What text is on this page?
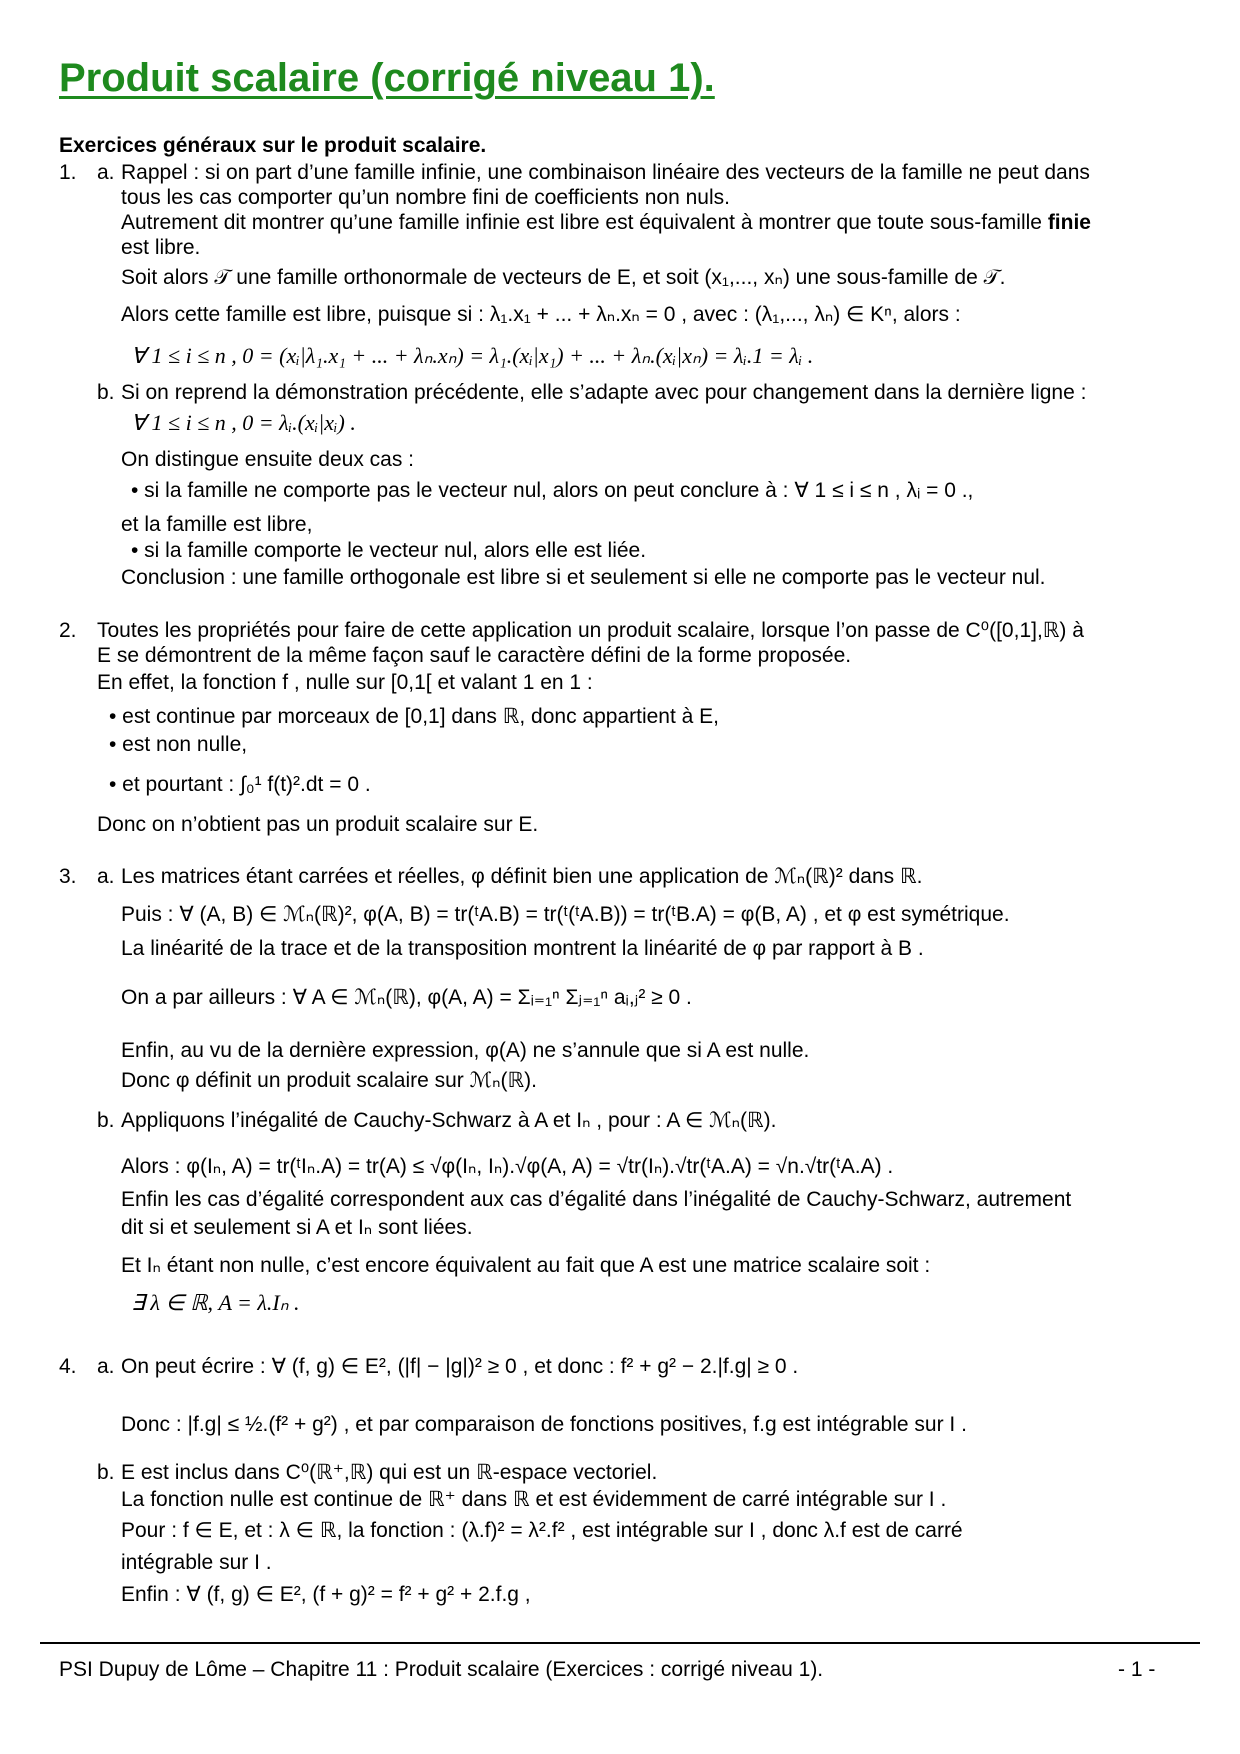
Produit scalaire (corrigé niveau 1).
Exercices généraux sur le produit scalaire.
1. a. Rappel : si on part d’une famille infinie, une combinaison linéaire des vecteurs de la famille ne peut dans
tous les cas comporter qu’un nombre fini de coefficients non nuls.
Autrement dit montrer qu’une famille infinie est libre est équivalent à montrer que toute sous-famille finie
est libre.
Soit alors 𝒯 une famille orthonormale de vecteurs de E, et soit (x₁,..., xₙ) une sous-famille de 𝒯.
Alors cette famille est libre, puisque si : λ₁.x₁ + ... + λₙ.xₙ = 0 , avec : (λ₁,..., λₙ) ∈ Kⁿ, alors :
∀ 1 ≤ i ≤ n , 0 = (xᵢ|λ₁.x₁ + ... + λₙ.xₙ) = λ₁.(xᵢ|x₁) + ... + λₙ.(xᵢ|xₙ) = λᵢ.1 = λᵢ .
b. Si on reprend la démonstration précédente, elle s’adapte avec pour changement dans la dernière ligne :
∀ 1 ≤ i ≤ n , 0 = λᵢ.(xᵢ|xᵢ) .
On distingue ensuite deux cas :
• si la famille ne comporte pas le vecteur nul, alors on peut conclure à : ∀ 1 ≤ i ≤ n , λᵢ = 0 .,
et la famille est libre,
• si la famille comporte le vecteur nul, alors elle est liée.
Conclusion : une famille orthogonale est libre si et seulement si elle ne comporte pas le vecteur nul.
2. Toutes les propriétés pour faire de cette application un produit scalaire, lorsque l’on passe de C⁰([0,1],ℝ) à
E se démontrent de la même façon sauf le caractère défini de la forme proposée.
En effet, la fonction f , nulle sur [0,1[ et valant 1 en 1 :
• est continue par morceaux de [0,1] dans ℝ, donc appartient à E,
• est non nulle,
• et pourtant : ∫₀¹ f(t)².dt = 0 .
Donc on n’obtient pas un produit scalaire sur E.
3. a. Les matrices étant carrées et réelles, φ définit bien une application de ℳₙ(ℝ)² dans ℝ.
Puis : ∀ (A, B) ∈ ℳₙ(ℝ)², φ(A, B) = tr(ᵗA.B) = tr(ᵗ(ᵗA.B)) = tr(ᵗB.A) = φ(B, A) , et φ est symétrique.
La linéarité de la trace et de la transposition montrent la linéarité de φ par rapport à B .
On a par ailleurs : ∀ A ∈ ℳₙ(ℝ), φ(A, A) = Σᵢ₌₁ⁿ Σⱼ₌₁ⁿ aᵢ,ⱼ² ≥ 0 .
Enfin, au vu de la dernière expression, φ(A) ne s’annule que si A est nulle.
Donc φ définit un produit scalaire sur ℳₙ(ℝ).
b. Appliquons l’inégalité de Cauchy-Schwarz à A et Iₙ , pour : A ∈ ℳₙ(ℝ).
Alors : φ(Iₙ, A) = tr(ᵗIₙ.A) = tr(A) ≤ √φ(Iₙ, Iₙ).√φ(A, A) = √tr(Iₙ).√tr(ᵗA.A) = √n.√tr(ᵗA.A) .
Enfin les cas d’égalité correspondent aux cas d’égalité dans l’inégalité de Cauchy-Schwarz, autrement
dit si et seulement si A et Iₙ sont liées.
Et Iₙ étant non nulle, c’est encore équivalent au fait que A est une matrice scalaire soit :
∃ λ ∈ ℝ, A = λ.Iₙ .
4. a. On peut écrire : ∀ (f, g) ∈ E², (|f| − |g|)² ≥ 0 , et donc : f² + g² − 2.|f.g| ≥ 0 .
Donc : |f.g| ≤ ½.(f² + g²) , et par comparaison de fonctions positives, f.g est intégrable sur I .
b. E est inclus dans C⁰(ℝ⁺,ℝ) qui est un ℝ-espace vectoriel.
La fonction nulle est continue de ℝ⁺ dans ℝ et est évidemment de carré intégrable sur I .
Pour : f ∈ E, et : λ ∈ ℝ, la fonction : (λ.f)² = λ².f² , est intégrable sur I , donc λ.f est de carré
intégrable sur I .
Enfin : ∀ (f, g) ∈ E², (f + g)² = f² + g² + 2.f.g ,
PSI Dupuy de Lôme – Chapitre 11 : Produit scalaire (Exercices : corrigé niveau 1).	- 1 -
